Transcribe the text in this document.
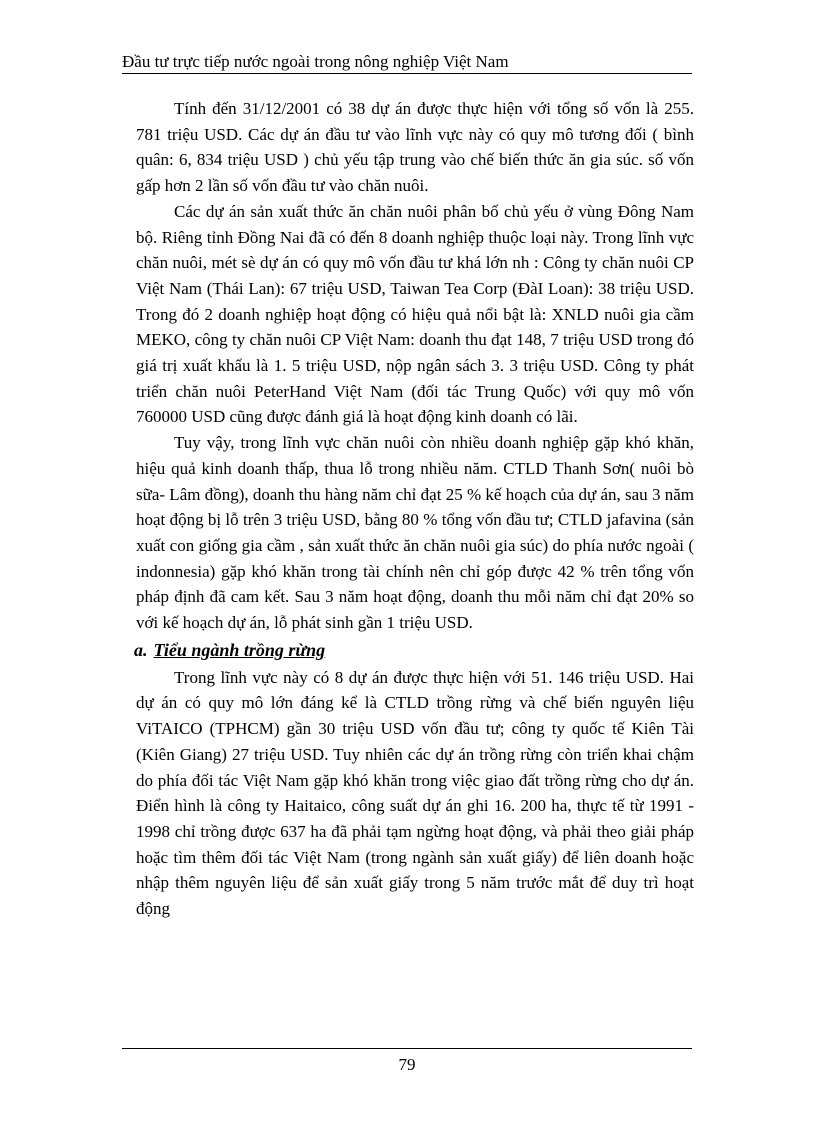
Đầu tư trực tiếp nước ngoài trong nông nghiệp Việt Nam

Tính đến 31/12/2001 có 38 dự án được thực hiện với tổng số vốn là 255. 781 triệu USD. Các dự án đầu tư vào lĩnh vực này có quy mô tương đối ( bình quân: 6, 834 triệu USD ) chủ yếu tập trung vào chế biến thức ăn gia súc. số vốn gấp hơn 2 lần số vốn đầu tư vào chăn nuôi.

Các dự án sản xuất thức ăn chăn nuôi phân bố chủ yếu ở vùng Đông Nam bộ. Riêng tỉnh Đồng Nai đã có đến 8 doanh nghiệp thuộc loại này. Trong lĩnh vực chăn nuôi, mét sè dự án có quy mô vốn đầu tư khá lớn nh : Công ty chăn nuôi CP Việt Nam (Thái Lan): 67 triệu USD, Taiwan Tea Corp (ĐàI Loan): 38 triệu USD. Trong đó 2 doanh nghiệp hoạt động có hiệu quả nổi bật là: XNLD nuôi gia cầm MEKO, công ty chăn nuôi CP Việt Nam: doanh thu đạt 148, 7 triệu USD trong đó giá trị xuất khẩu là 1. 5 triệu USD, nộp ngân sách 3. 3 triệu USD. Công ty phát triển chăn nuôi PeterHand Việt Nam (đối tác Trung Quốc) với quy mô vốn 760000 USD cũng được đánh giá là hoạt động kinh doanh có lãi.

Tuy vậy, trong lĩnh vực chăn nuôi còn nhiều doanh nghiệp gặp khó khăn, hiệu quả kinh doanh thấp, thua lỗ trong nhiều năm. CTLD Thanh Sơn( nuôi bò sữa- Lâm đồng), doanh thu hàng năm chỉ đạt 25 % kế hoạch của dự án, sau 3 năm hoạt động bị lỗ trên 3 triệu USD, bằng 80 % tổng vốn đầu tư; CTLD jafavina (sản xuất con giống gia cầm , sản xuất thức ăn chăn nuôi gia súc) do phía nước ngoài ( indonnesia) gặp khó khăn trong tài chính nên chỉ góp được 42 % trên tổng vốn pháp định đã cam kết. Sau 3 năm hoạt động, doanh thu mỗi năm chỉ đạt 20% so với kế hoạch dự án, lỗ phát sinh gần 1 triệu USD.

a. Tiểu ngành trồng rừng

Trong lĩnh vực này có 8 dự án được thực hiện với 51. 146 triệu USD. Hai dự án có quy mô lớn đáng kể là CTLD trồng rừng và chế biến nguyên liệu ViTAICO (TPHCM) gần 30 triệu USD vốn đầu tư; công ty quốc tế Kiên Tài (Kiên Giang) 27 triệu USD. Tuy nhiên các dự án trồng rừng còn triển khai chậm do phía đối tác Việt Nam gặp khó khăn trong việc giao đất trồng rừng cho dự án. Điển hình là công ty Haitaico, công suất dự án ghi 16. 200 ha, thực tế từ 1991 - 1998 chỉ trồng được 637 ha đã phải tạm ngừng hoạt động, và phải theo giải pháp hoặc tìm thêm đối tác Việt Nam (trong ngành sản xuất giấy) để liên doanh hoặc nhập thêm nguyên liệu để sản xuất giấy trong 5 năm trước mắt để duy trì hoạt động

79
